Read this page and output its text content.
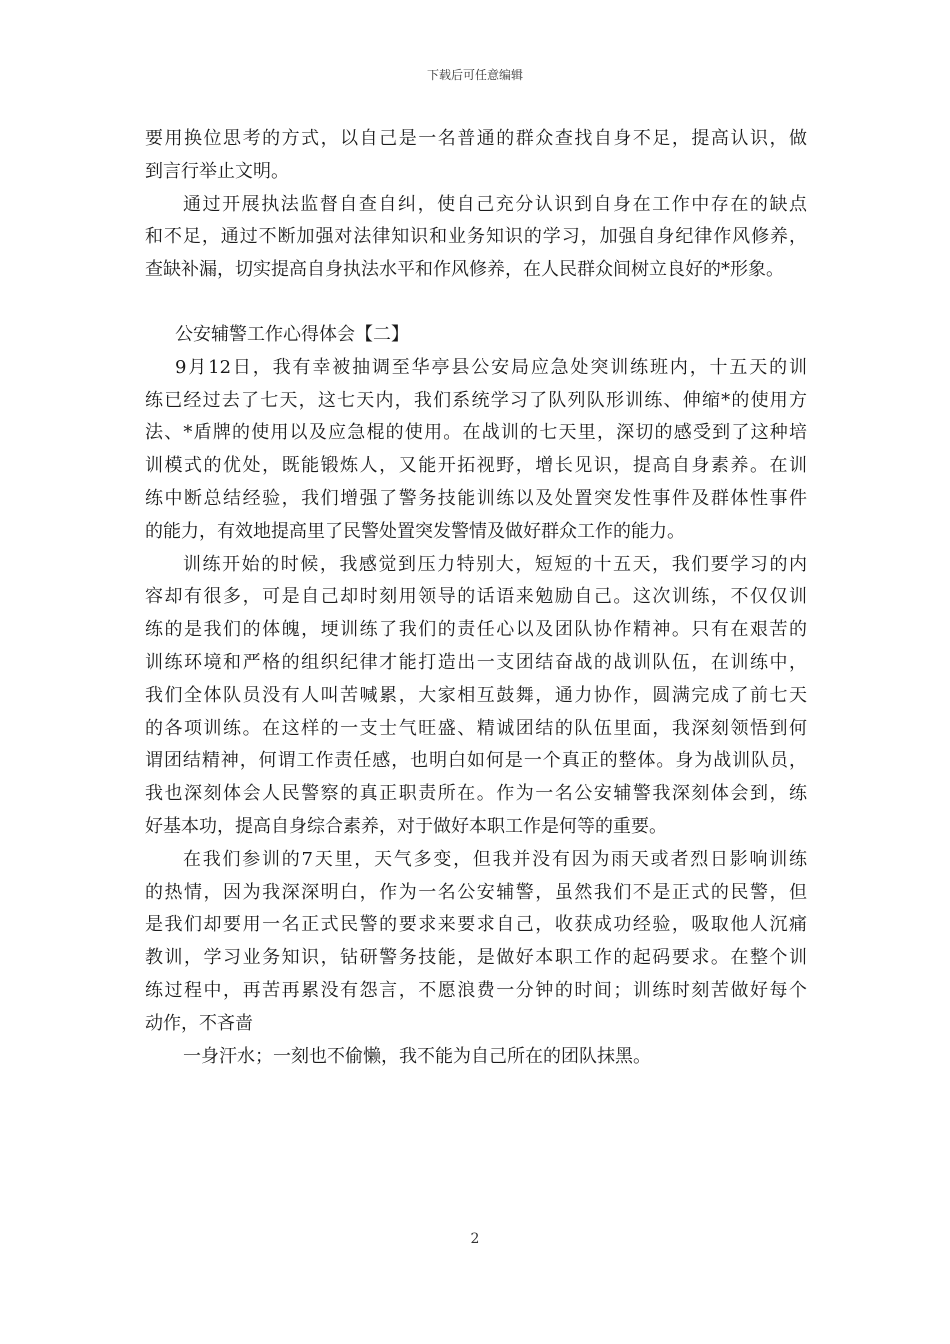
下载后可任意编辑
要用换位思考的方式，以自己是一名普通的群众查找自身不足，提高认识，做
到言行举止文明。
通过开展执法监督自查自纠，使自己充分认识到自身在工作中存在的缺点
和不足，通过不断加强对法律知识和业务知识的学习，加强自身纪律作风修养，
查缺补漏，切实提高自身执法水平和作风修养，在人民群众间树立良好的*形象。

公安辅警工作心得体会【二】

9月12日，我有幸被抽调至华亭县公安局应急处突训练班内，十五天的训
练已经过去了七天，这七天内，我们系统学习了队列队形训练、伸缩*的使用方
法、*盾牌的使用以及应急棍的使用。在战训的七天里，深切的感受到了这种培
训模式的优处，既能锻炼人，又能开拓视野，增长见识，提高自身素养。在训
练中断总结经验，我们增强了警务技能训练以及处置突发性事件及群体性事件
的能力，有效地提高里了民警处置突发警情及做好群众工作的能力。
训练开始的时候，我感觉到压力特别大，短短的十五天，我们要学习的内
容却有很多，可是自己却时刻用领导的话语来勉励自己。这次训练，不仅仅训
练的是我们的体魄，埂训练了我们的责任心以及团队协作精神。只有在艰苦的
训练环境和严格的组织纪律才能打造出一支团结奋战的战训队伍，在训练中，
我们全体队员没有人叫苦喊累，大家相互鼓舞，通力协作，圆满完成了前七天
的各项训练。在这样的一支士气旺盛、精诚团结的队伍里面，我深刻领悟到何
谓团结精神，何谓工作责任感，也明白如何是一个真正的整体。身为战训队员，
我也深刻体会人民警察的真正职责所在。作为一名公安辅警我深刻体会到，练
好基本功，提高自身综合素养，对于做好本职工作是何等的重要。
在我们参训的7天里，天气多变，但我并没有因为雨天或者烈日影响训练
的热情，因为我深深明白，作为一名公安辅警，虽然我们不是正式的民警，但
是我们却要用一名正式民警的要求来要求自己，收获成功经验，吸取他人沉痛
教训，学习业务知识，钻研警务技能，是做好本职工作的起码要求。在整个训
练过程中，再苦再累没有怨言，不愿浪费一分钟的时间；训练时刻苦做好每个
动作，不吝啬
一身汗水；一刻也不偷懒，我不能为自己所在的团队抹黑。
2
